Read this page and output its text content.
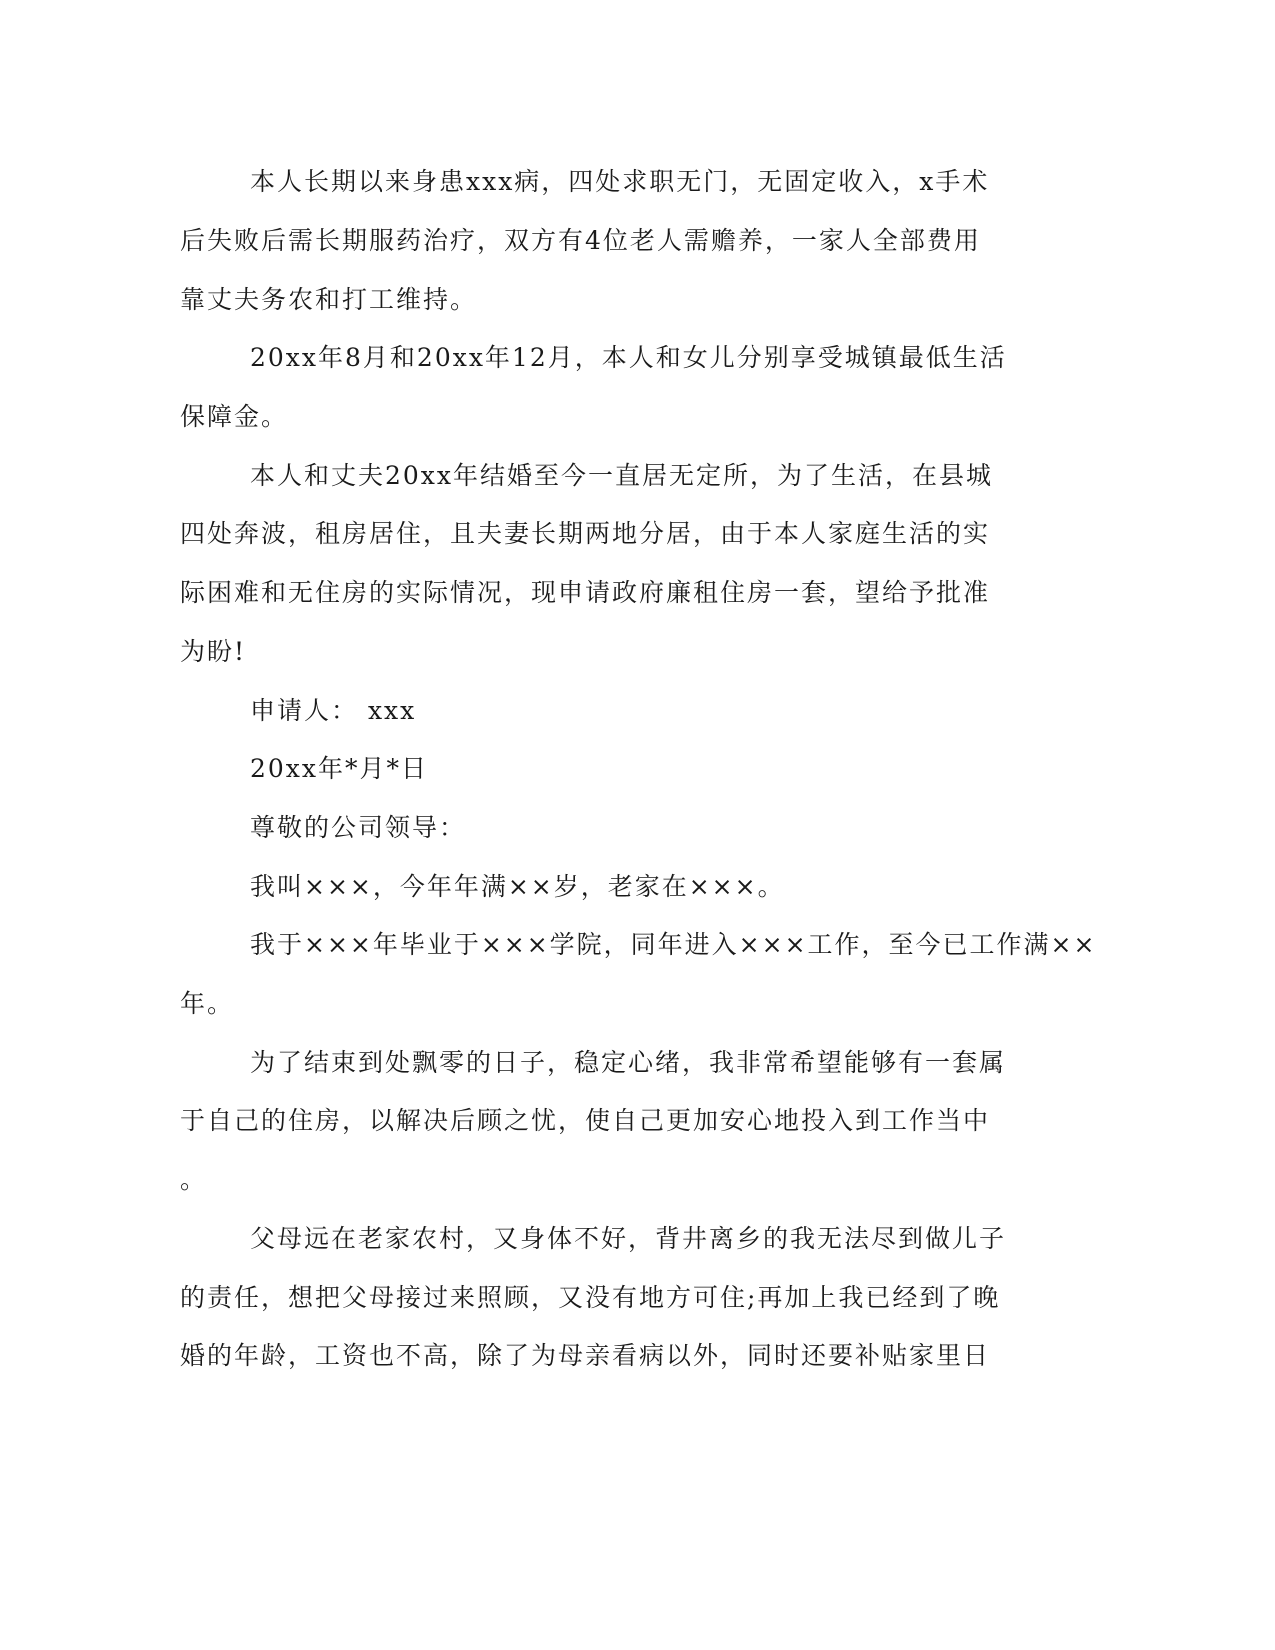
本人长期以来身患xxx病，四处求职无门，无固定收入，x手术
后失败后需长期服药治疗，双方有4位老人需赡养，一家人全部费用
靠丈夫务农和打工维持。
20xx年8月和20xx年12月，本人和女儿分别享受城镇最低生活
保障金。
本人和丈夫20xx年结婚至今一直居无定所，为了生活，在县城
四处奔波，租房居住，且夫妻长期两地分居，由于本人家庭生活的实
际困难和无住房的实际情况，现申请政府廉租住房一套，望给予批准
为盼!
申请人： xxx
20xx年*月*日
尊敬的公司领导：
我叫×××，今年年满××岁，老家在×××。
我于×××年毕业于×××学院，同年进入×××工作，至今已工作满××
年。
为了结束到处飘零的日子，稳定心绪，我非常希望能够有一套属
于自己的住房，以解决后顾之忧，使自己更加安心地投入到工作当中
。
父母远在老家农村，又身体不好，背井离乡的我无法尽到做儿子
的责任，想把父母接过来照顾，又没有地方可住;再加上我已经到了晚
婚的年龄，工资也不高，除了为母亲看病以外，同时还要补贴家里日
